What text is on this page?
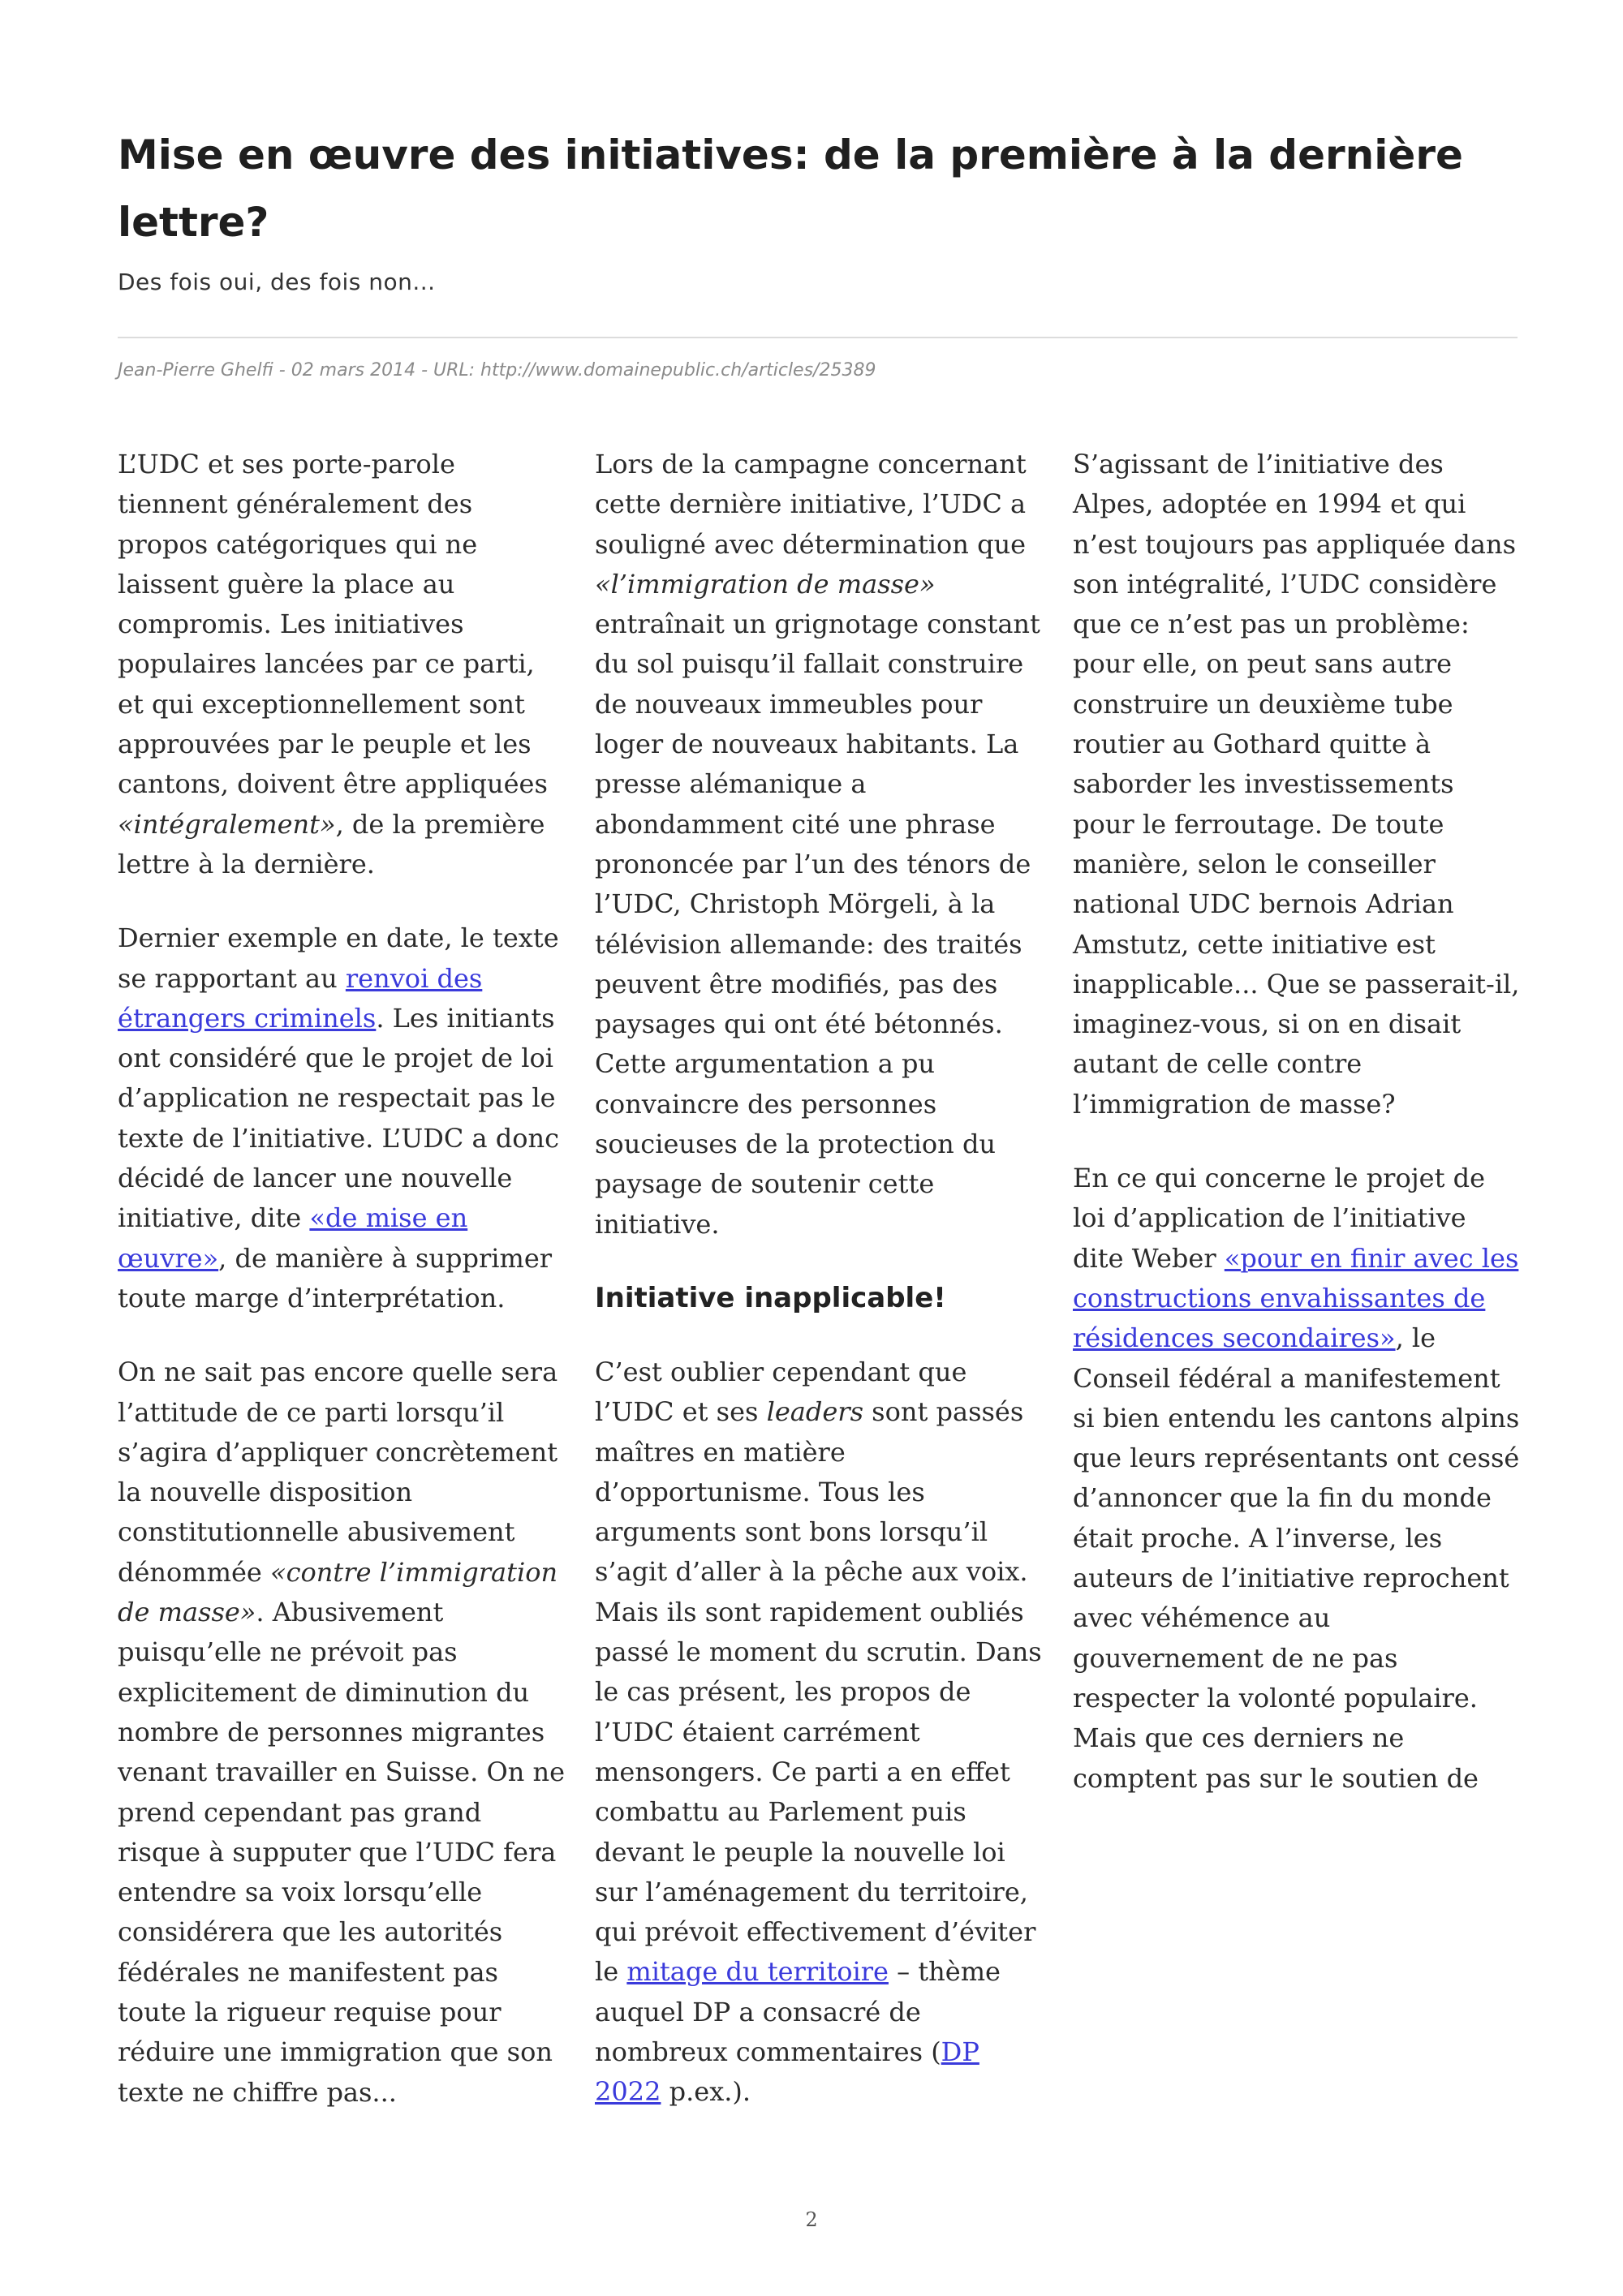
Mise en œuvre des initiatives: de la première à la dernière lettre?

Des fois oui, des fois non...

Jean-Pierre Ghelfi - 02 mars 2014 - URL: http://www.domainepublic.ch/articles/25389

L’UDC et ses porte-parole tiennent généralement des propos catégoriques qui ne laissent guère la place au compromis. Les initiatives populaires lancées par ce parti, et qui exceptionnellement sont approuvées par le peuple et les cantons, doivent être appliquées «intégralement», de la première lettre à la dernière.

Dernier exemple en date, le texte se rapportant au renvoi des étrangers criminels. Les initiants ont considéré que le projet de loi d’application ne respectait pas le texte de l’initiative. L’UDC a donc décidé de lancer une nouvelle initiative, dite «de mise en œuvre», de manière à supprimer toute marge d’interprétation.

On ne sait pas encore quelle sera l’attitude de ce parti lorsqu’il s’agira d’appliquer concrètement la nouvelle disposition constitutionnelle abusivement dénommée «contre l’immigration de masse». Abusivement puisqu’elle ne prévoit pas explicitement de diminution du nombre de personnes migrantes venant travailler en Suisse. On ne prend cependant pas grand risque à supputer que l’UDC fera entendre sa voix lorsqu’elle considérera que les autorités fédérales ne manifestent pas toute la rigueur requise pour réduire une immigration que son texte ne chiffre pas...

Lors de la campagne concernant cette dernière initiative, l’UDC a souligné avec détermination que «l’immigration de masse» entraînait un grignotage constant du sol puisqu’il fallait construire de nouveaux immeubles pour loger de nouveaux habitants. La presse alémanique a abondamment cité une phrase prononcée par l’un des ténors de l’UDC, Christoph Mörgeli, à la télévision allemande: des traités peuvent être modifiés, pas des paysages qui ont été bétonnés. Cette argumentation a pu convaincre des personnes soucieuses de la protection du paysage de soutenir cette initiative.

Initiative inapplicable!

C’est oublier cependant que l’UDC et ses leaders sont passés maîtres en matière d’opportunisme. Tous les arguments sont bons lorsqu’il s’agit d’aller à la pêche aux voix. Mais ils sont rapidement oubliés passé le moment du scrutin. Dans le cas présent, les propos de l’UDC étaient carrément mensongers. Ce parti a en effet combattu au Parlement puis devant le peuple la nouvelle loi sur l’aménagement du territoire, qui prévoit effectivement d’éviter le mitage du territoire – thème auquel DP a consacré de nombreux commentaires (DP 2022 p.ex.).

S’agissant de l’initiative des Alpes, adoptée en 1994 et qui n’est toujours pas appliquée dans son intégralité, l’UDC considère que ce n’est pas un problème: pour elle, on peut sans autre construire un deuxième tube routier au Gothard quitte à saborder les investissements pour le ferroutage. De toute manière, selon le conseiller national UDC bernois Adrian Amstutz, cette initiative est inapplicable... Que se passerait-il, imaginez-vous, si on en disait autant de celle contre l’immigration de masse?

En ce qui concerne le projet de loi d’application de l’initiative dite Weber «pour en finir avec les constructions envahissantes de résidences secondaires», le Conseil fédéral a manifestement si bien entendu les cantons alpins que leurs représentants ont cessé d’annoncer que la fin du monde était proche. A l’inverse, les auteurs de l’initiative reprochent avec véhémence au gouvernement de ne pas respecter la volonté populaire. Mais que ces derniers ne comptent pas sur le soutien de

2
